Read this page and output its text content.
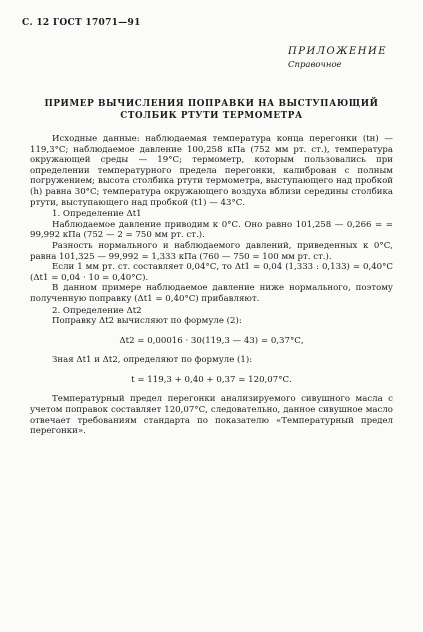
С. 12 ГОСТ 17071—91
ПРИЛОЖЕНИЕ
Справочное
ПРИМЕР ВЫЧИСЛЕНИЯ ПОПРАВКИ НА ВЫСТУПАЮЩИЙ
СТОЛБИК РТУТИ ТЕРМОМЕТРА

Исходные данные: наблюдаемая температура конца перегонки (tн) — 119,3°С; наблюдаемое давление 100,258 кПа (752 мм рт. ст.), температура окружающей среды — 19°С; термометр, которым пользовались при определении температурного предела перегонки, калиброван с полным погружением; высота столбика ртути термометра, выступающего над пробкой (h) равна 30°С; температура окружающего воздуха вблизи середины столбика ртути, выступающего над пробкой (t1) — 43°С.

1. Определение Δt1

Наблюдаемое давление приводим к 0°С. Оно равно 101,258 — 0,266 = = 99,992 кПа (752 — 2 = 750 мм рт. ст.).

Разность нормального и наблюдаемого давлений, приведенных к 0°С, равна 101,325 — 99,992 = 1,333 кПа (760 — 750 = 100 мм рт. ст.).

Если 1 мм рт. ст. составляет 0,04°С, то Δt1 = 0,04 (1,333 : 0,133) = 0,40°С (Δt1 = 0,04 · 10 = 0,40°С).

В данном примере наблюдаемое давление ниже нормального, поэтому полученную поправку (Δt1 = 0,40°С) прибавляют.

2. Определение Δt2

Поправку Δt2 вычисляют по формуле (2):

Δt2 = 0,00016 · 30(119,3 — 43) = 0,37°С,

Зная Δt1 и Δt2, определяют по формуле (1):

t = 119,3 + 0,40 + 0,37 = 120,07°С.

Температурный предел перегонки анализируемого сивушного масла с учетом поправок составляет 120,07°С, следовательно, данное сивушное масло отвечает требованиям стандарта по показателю «Температурный предел перегонки».
